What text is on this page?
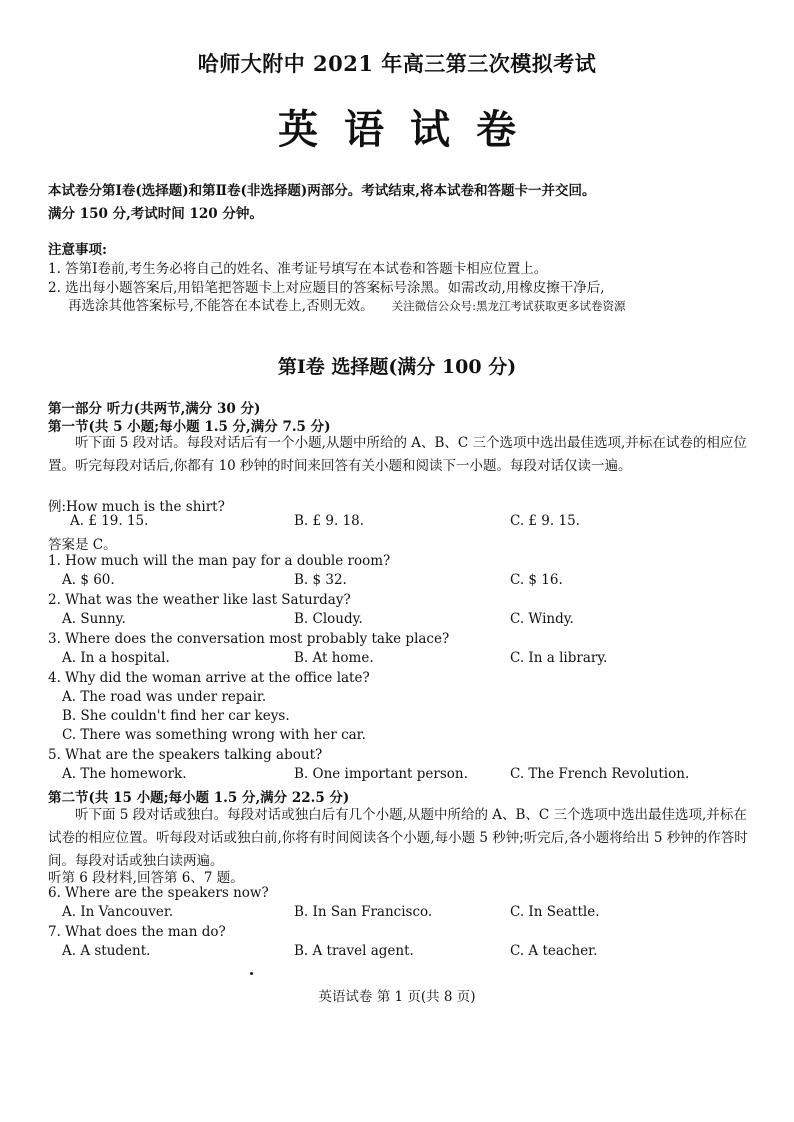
哈师大附中 2021 年高三第三次模拟考试
英语试卷
本试卷分第Ⅰ卷(选择题)和第Ⅱ卷(非选择题)两部分。考试结束,将本试卷和答题卡一并交回。
满分 150 分,考试时间 120 分钟。
注意事项:
1. 答第Ⅰ卷前,考生务必将自己的姓名、准考证号填写在本试卷和答题卡相应位置上。
2. 选出每小题答案后,用铅笔把答题卡上对应题目的答案标号涂黑。如需改动,用橡皮擦干净后,
再选涂其他答案标号,不能答在本试卷上,否则无效。 关注微信公众号:黑龙江考试获取更多试卷资源
第Ⅰ卷 选择题(满分 100 分)
第一部分 听力(共两节,满分 30 分)
第一节(共 5 小题;每小题 1.5 分,满分 7.5 分)
听下面 5 段对话。每段对话后有一个小题,从题中所给的 A、B、C 三个选项中选出最佳选项,并标在试卷的相应位置。听完每段对话后,你都有 10 秒钟的时间来回答有关小题和阅读下一小题。每段对话仅读一遍。
例:How much is the shirt?
A. £ 19. 15.	B. £ 9. 18.	C. £ 9. 15.
答案是 C。
1. How much will the man pay for a double room?
A. $ 60.	B. $ 32.	C. $ 16.
2. What was the weather like last Saturday?
A. Sunny.	B. Cloudy.	C. Windy.
3. Where does the conversation most probably take place?
A. In a hospital.	B. At home.	C. In a library.
4. Why did the woman arrive at the office late?
A. The road was under repair.
B. She couldn't find her car keys.
C. There was something wrong with her car.
5. What are the speakers talking about?
A. The homework.	B. One important person.	C. The French Revolution.
第二节(共 15 小题;每小题 1.5 分,满分 22.5 分)
听下面 5 段对话或独白。每段对话或独白后有几个小题,从题中所给的 A、B、C 三个选项中选出最佳选项,并标在试卷的相应位置。听每段对话或独白前,你将有时间阅读各个小题,每小题 5 秒钟;听完后,各小题将给出 5 秒钟的作答时间。每段对话或独白读两遍。
听第 6 段材料,回答第 6、7 题。
6. Where are the speakers now?
A. In Vancouver.	B. In San Francisco.	C. In Seattle.
7. What does the man do?
A. A student.	B. A travel agent.	C. A teacher.
英语试卷 第 1 页(共 8 页)
